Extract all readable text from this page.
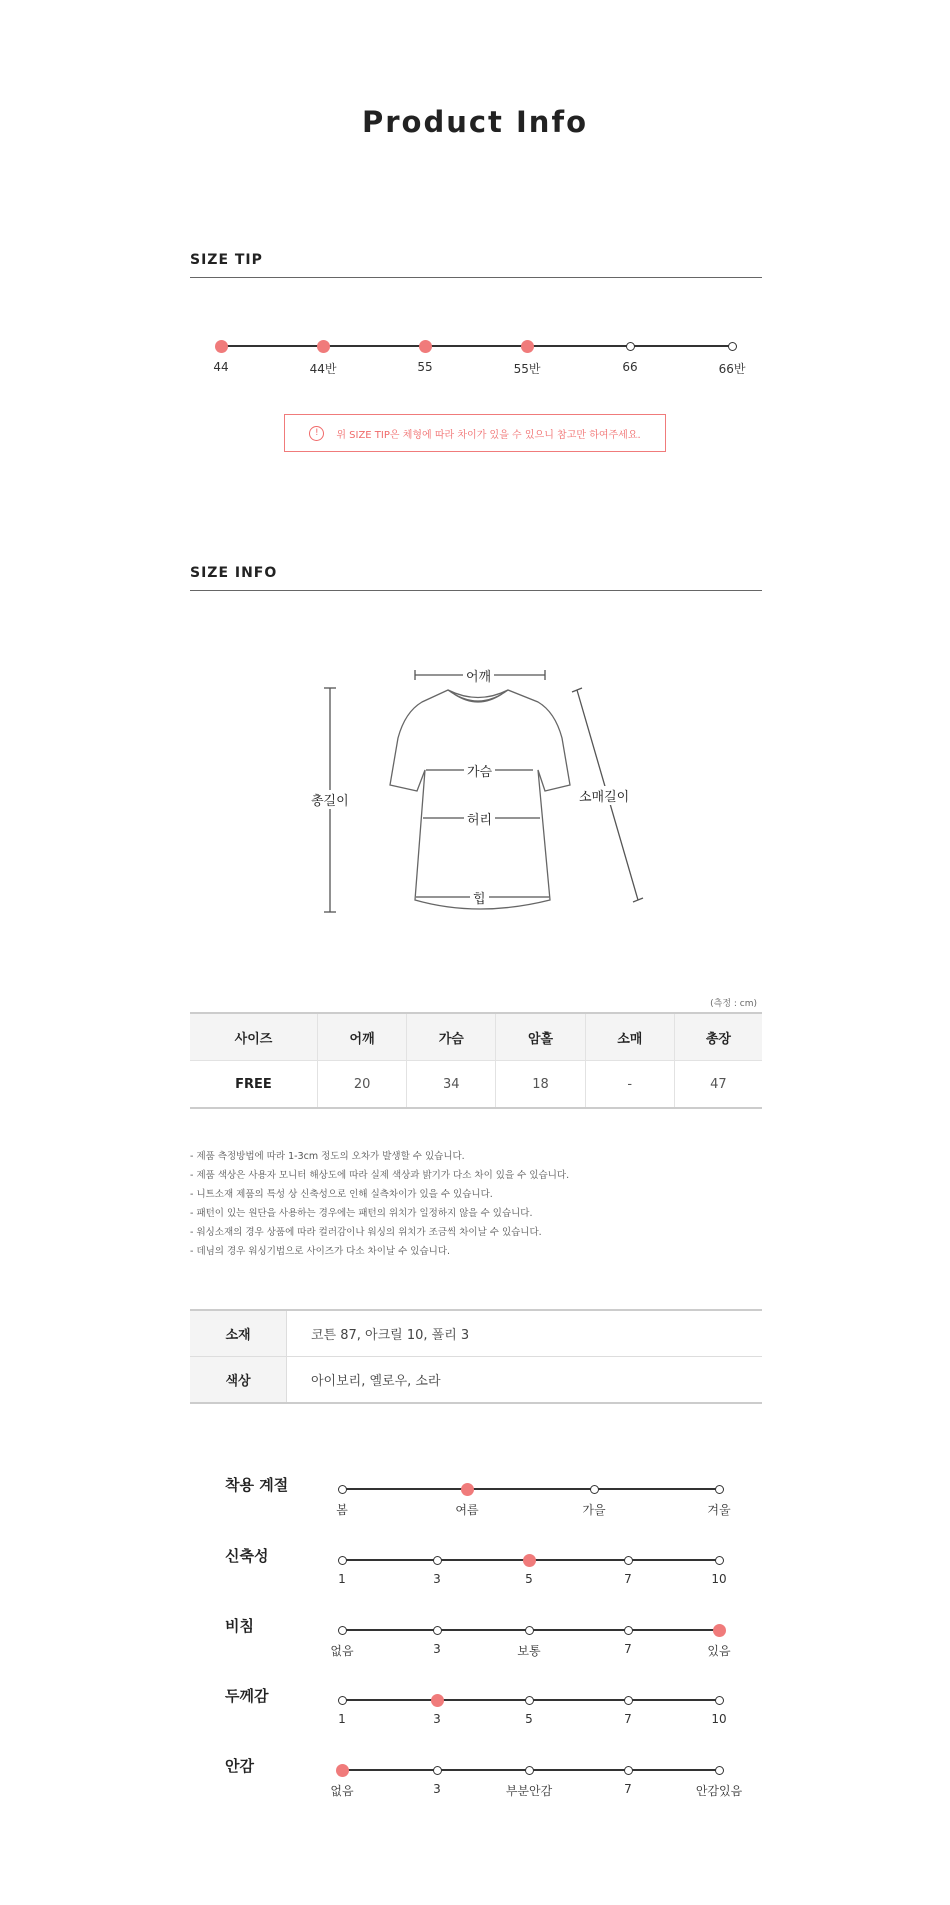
Product Info
SIZE TIP
44	44반	55	55반	66	66반
!	위 SIZE TIP은 체형에 따라 차이가 있을 수 있으니 참고만 하여주세요.
SIZE INFO
어깨
가슴
허리
힙
총길이	소매길이
(측정 : cm)
사이즈	어깨	가슴	암홀	소매	총장
FREE	20	34	18	-	47
- 제품 측정방법에 따라 1-3cm 정도의 오차가 발생할 수 있습니다.
- 제품 색상은 사용자 모니터 해상도에 따라 실제 색상과 밝기가 다소 차이 있을 수 있습니다.
- 니트소재 제품의 특성 상 신축성으로 인해 실측차이가 있을 수 있습니다.
- 패턴이 있는 원단을 사용하는 경우에는 패턴의 위치가 일정하지 않을 수 있습니다.
- 워싱소재의 경우 상품에 따라 컬러감이나 워싱의 위치가 조금씩 차이날 수 있습니다.
- 데님의 경우 워싱기법으로 사이즈가 다소 차이날 수 있습니다.
소재	코튼 87, 아크릴 10, 폴리 3
색상	아이보리, 옐로우, 소라
착용 계절
신축성
비침
두께감
안감
봄	여름	가을	겨울
1	3	5	7	10
없음	3	보통	7	있음
1	3	5	7	10
없음	3	부분안감	7	안감있음
